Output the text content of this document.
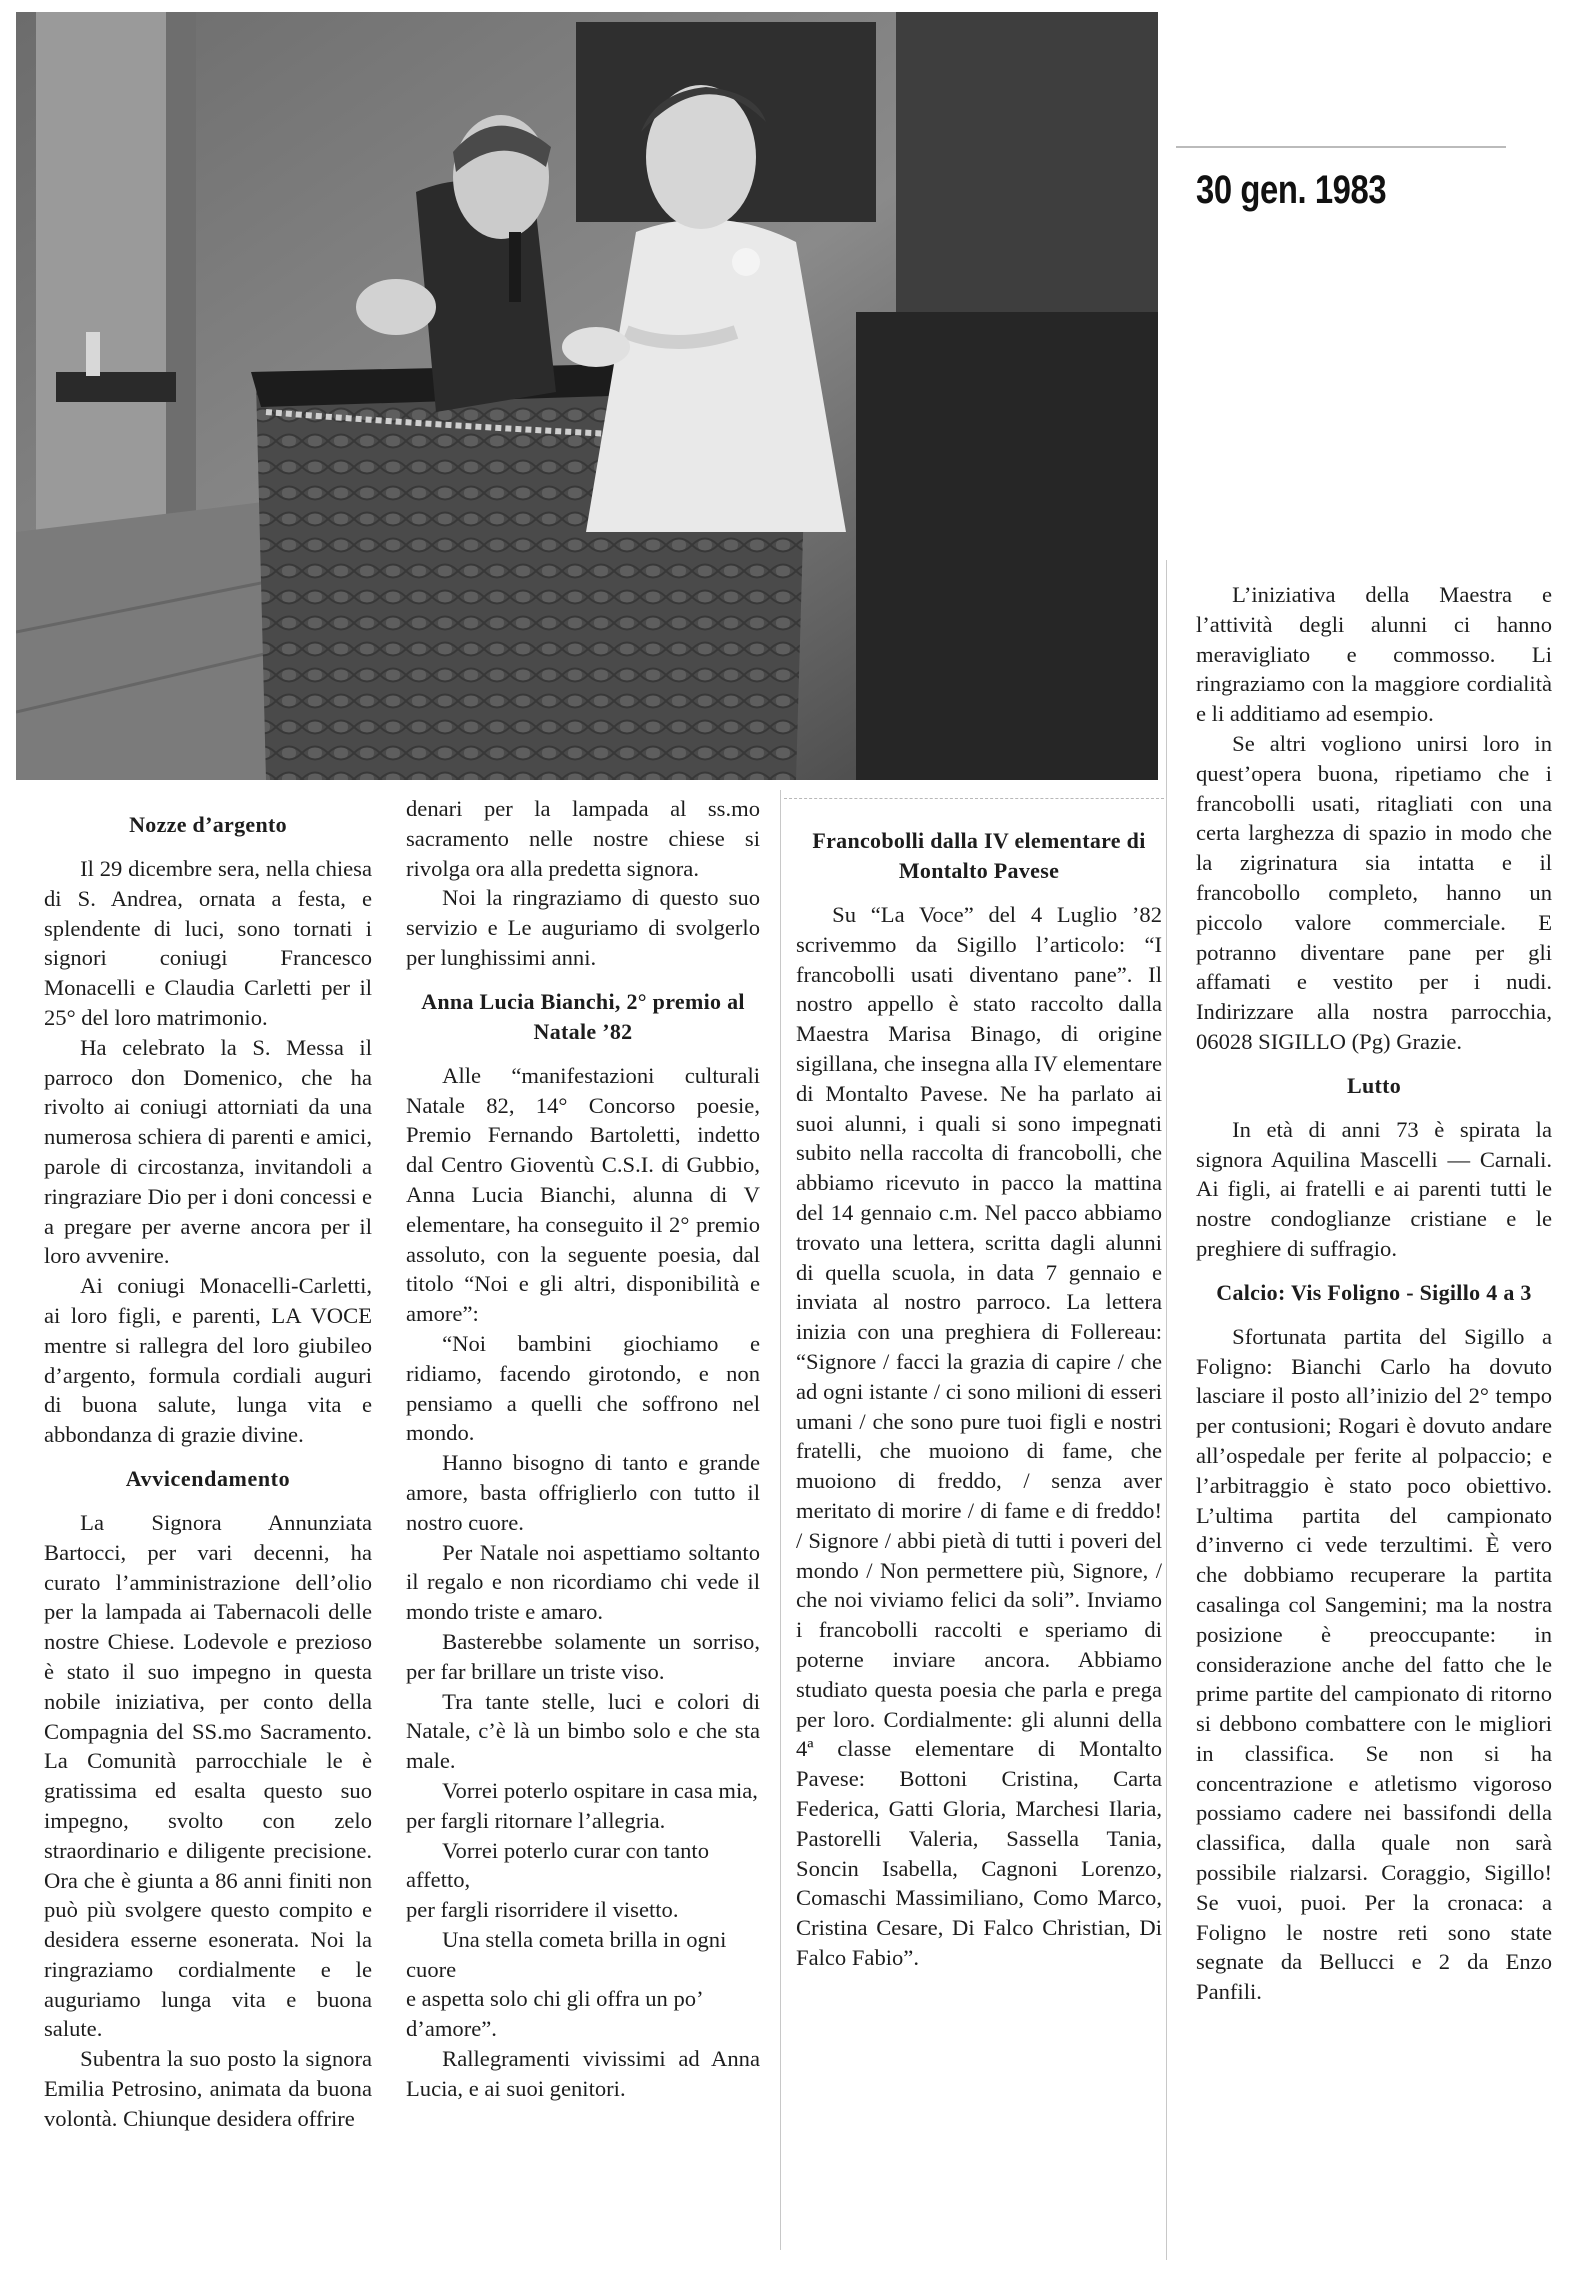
30 gen. 1983
Nozze d’argento

Il 29 dicembre sera, nella chiesa di S. Andrea, ornata a festa, e splendente di luci, sono tornati i signori coniugi Francesco Monacelli e Claudia Carletti per il 25° del loro matrimonio.

Ha celebrato la S. Messa il parroco don Domenico, che ha rivolto ai coniugi attorniati da una numerosa schiera di parenti e amici, parole di circostanza, invitandoli a ringraziare Dio per i doni concessi e a pregare per averne ancora per il loro avvenire.

Ai coniugi Monacelli-Carletti, ai loro figli, e parenti, LA VOCE mentre si rallegra del loro giubileo d’argento, formula cordiali auguri di buona salute, lunga vita e abbondanza di grazie divine.

Avvicendamento

La Signora Annunziata Bartocci, per vari decenni, ha curato l’amministrazione dell’olio per la lampada ai Tabernacoli delle nostre Chiese. Lodevole e prezioso è stato il suo impegno in questa nobile iniziativa, per conto della Compagnia del SS.mo Sacramento. La Comunità parrocchiale le è gratissima ed esalta questo suo impegno, svolto con zelo straordinario e diligente precisione. Ora che è giunta a 86 anni finiti non può più svolgere questo compito e desidera esserne esonerata. Noi la ringraziamo cordialmente e le auguriamo lunga vita e buona salute.

Subentra la suo posto la signora Emilia Petrosino, animata da buona volontà. Chiunque desidera offrire

denari per la lampada al ss.mo sacramento nelle nostre chiese si rivolga ora alla predetta signora.

Noi la ringraziamo di questo suo servizio e Le auguriamo di svolgerlo per lunghissimi anni.

Anna Lucia Bianchi, 2° premio al Natale ’82

Alle “manifestazioni culturali Natale 82, 14° Concorso poesie, Premio Fernando Bartoletti, indetto dal Centro Gioventù C.S.I. di Gubbio, Anna Lucia Bianchi, alunna di V elementare, ha conseguito il 2° premio assoluto, con la seguente poesia, dal titolo “Noi e gli altri, disponibilità e amore”:

“Noi bambini giochiamo e ridiamo, facendo girotondo, e non pensiamo a quelli che soffrono nel mondo.

Hanno bisogno di tanto e grande amore, basta offriglierlo con tutto il nostro cuore.

Per Natale noi aspettiamo soltanto il regalo e non ricordiamo chi vede il mondo triste e amaro.

Basterebbe solamente un sorriso, per far brillare un triste viso.

Tra tante stelle, luci e colori di Natale, c’è là un bimbo solo e che sta male.

Vorrei poterlo ospitare in casa mia,

per fargli ritornare l’allegria.

Vorrei poterlo curar con tanto affetto,

per fargli risorridere il visetto.

Una stella cometa brilla in ogni cuore

e aspetta solo chi gli offra un po’ d’amore”.

Rallegramenti vivissimi ad Anna Lucia, e ai suoi genitori.

Francobolli dalla IV elementare di Montalto Pavese

Su “La Voce” del 4 Luglio ’82 scrivemmo da Sigillo l’articolo: “I francobolli usati diventano pane”. Il nostro appello è stato raccolto dalla Maestra Marisa Binago, di origine sigillana, che insegna alla IV elementare di Montalto Pavese. Ne ha parlato ai suoi alunni, i quali si sono impegnati subito nella raccolta di francobolli, che abbiamo ricevuto in pacco la mattina del 14 gennaio c.m. Nel pacco abbiamo trovato una lettera, scritta dagli alunni di quella scuola, in data 7 gennaio e inviata al nostro parroco. La lettera inizia con una preghiera di Follereau: “Signore / facci la grazia di capire / che ad ogni istante / ci sono milioni di esseri umani / che sono pure tuoi figli e nostri fratelli, che muoiono di fame, che muoiono di freddo, / senza aver meritato di morire / di fame e di freddo! / Signore / abbi pietà di tutti i poveri del mondo / Non permettere più, Signore, / che noi viviamo felici da soli”. Inviamo i francobolli raccolti e speriamo di poterne inviare ancora. Abbiamo studiato questa poesia che parla e prega per loro. Cordialmente: gli alunni della 4ª classe elementare di Montalto Pavese: Bottoni Cristina, Carta Federica, Gatti Gloria, Marchesi Ilaria, Pastorelli Valeria, Sassella Tania, Soncin Isabella, Cagnoni Lorenzo, Comaschi Massimiliano, Como Marco, Cristina Cesare, Di Falco Christian, Di Falco Fabio”.

L’iniziativa della Maestra e l’attività degli alunni ci hanno meravigliato e commosso. Li ringraziamo con la maggiore cordialità e li additiamo ad esempio.

Se altri vogliono unirsi loro in quest’opera buona, ripetiamo che i francobolli usati, ritagliati con una certa larghezza di spazio in modo che la zigrinatura sia intatta e il francobollo completo, hanno un piccolo valore commerciale. E potranno diventare pane per gli affamati e vestito per i nudi. Indirizzare alla nostra parrocchia, 06028 SIGILLO (Pg) Grazie.

Lutto

In età di anni 73 è spirata la signora Aquilina Mascelli — Carnali. Ai figli, ai fratelli e ai parenti tutti le nostre condoglianze cristiane e le preghiere di suffragio.

Calcio: Vis Foligno - Sigillo 4 a 3

Sfortunata partita del Sigillo a Foligno: Bianchi Carlo ha dovuto lasciare il posto all’inizio del 2° tempo per contusioni; Rogari è dovuto andare all’ospedale per ferite al polpaccio; e l’arbitraggio è stato poco obiettivo. L’ultima partita del campionato d’inverno ci vede terzultimi. È vero che dobbiamo recuperare la partita casalinga col Sangemini; ma la nostra posizione è preoccupante: in considerazione anche del fatto che le prime partite del campionato di ritorno si debbono combattere con le migliori in classifica. Se non si ha concentrazione e atletismo vigoroso possiamo cadere nei bassifondi della classifica, dalla quale non sarà possibile rialzarsi. Coraggio, Sigillo! Se vuoi, puoi. Per la cronaca: a Foligno le nostre reti sono state segnate da Bellucci e 2 da Enzo Panfili.
